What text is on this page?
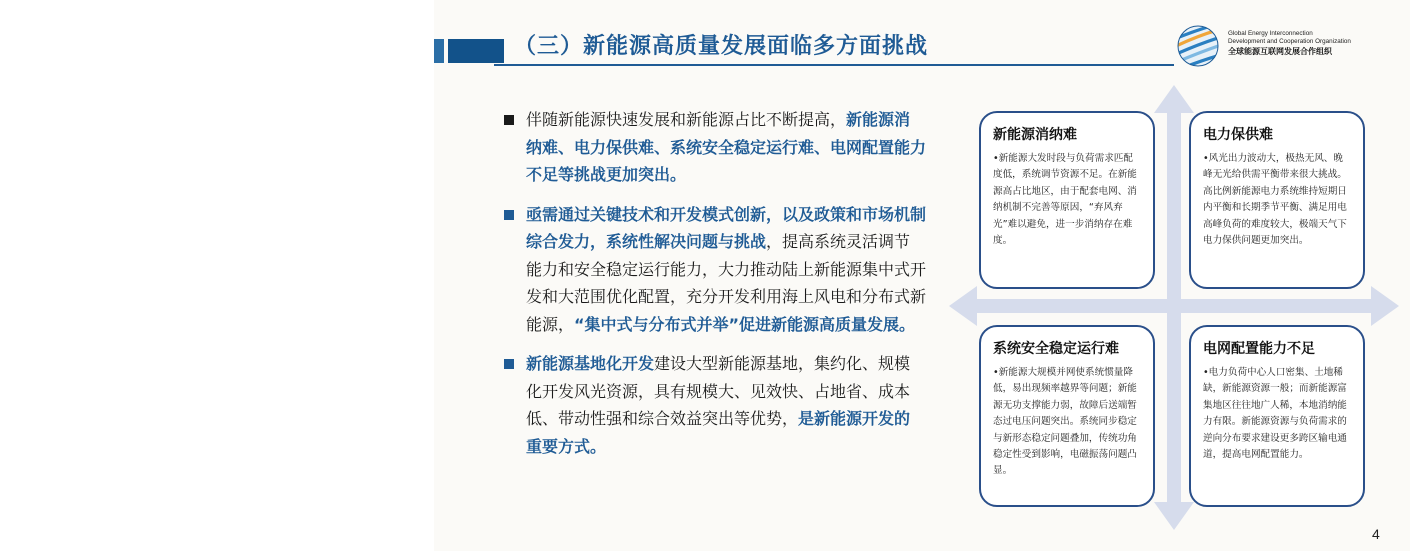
（三）新能源高质量发展面临多方面挑战
Global Energy Interconnection
Development and Cooperation Organization
全球能源互联网发展合作组织
伴随新能源快速发展和新能源占比不断提高，新能源消纳难、电力保供难、系统安全稳定运行难、电网配置能力不足等挑战更加突出。
亟需通过关键技术和开发模式创新，以及政策和市场机制综合发力，系统性解决问题与挑战，提高系统灵活调节能力和安全稳定运行能力，大力推动陆上新能源集中式开发和大范围优化配置，充分开发利用海上风电和分布式新能源，“集中式与分布式并举”促进新能源高质量发展。
新能源基地化开发建设大型新能源基地，集约化、规模化开发风光资源，具有规模大、见效快、占地省、成本低、带动性强和综合效益突出等优势，是新能源开发的重要方式。
新能源消纳难
•新能源大发时段与负荷需求匹配度低，系统调节资源不足。在新能源高占比地区，由于配套电网、消纳机制不完善等原因，“弃风弃光”难以避免，进一步消纳存在难度。
电力保供难
•风光出力波动大，极热无风、晚峰无光给供需平衡带来很大挑战。高比例新能源电力系统维持短期日内平衡和长期季节平衡、满足用电高峰负荷的难度较大，极端天气下电力保供问题更加突出。
系统安全稳定运行难
•新能源大规模并网使系统惯量降低，易出现频率越界等问题；新能源无功支撑能力弱，故障后送端暂态过电压问题突出。系统同步稳定与新形态稳定问题叠加，传统功角稳定性受到影响，电磁振荡问题凸显。
电网配置能力不足
•电力负荷中心人口密集、土地稀缺，新能源资源一般；而新能源富集地区往往地广人稀，本地消纳能力有限。新能源资源与负荷需求的逆向分布要求建设更多跨区输电通道，提高电网配置能力。
4
